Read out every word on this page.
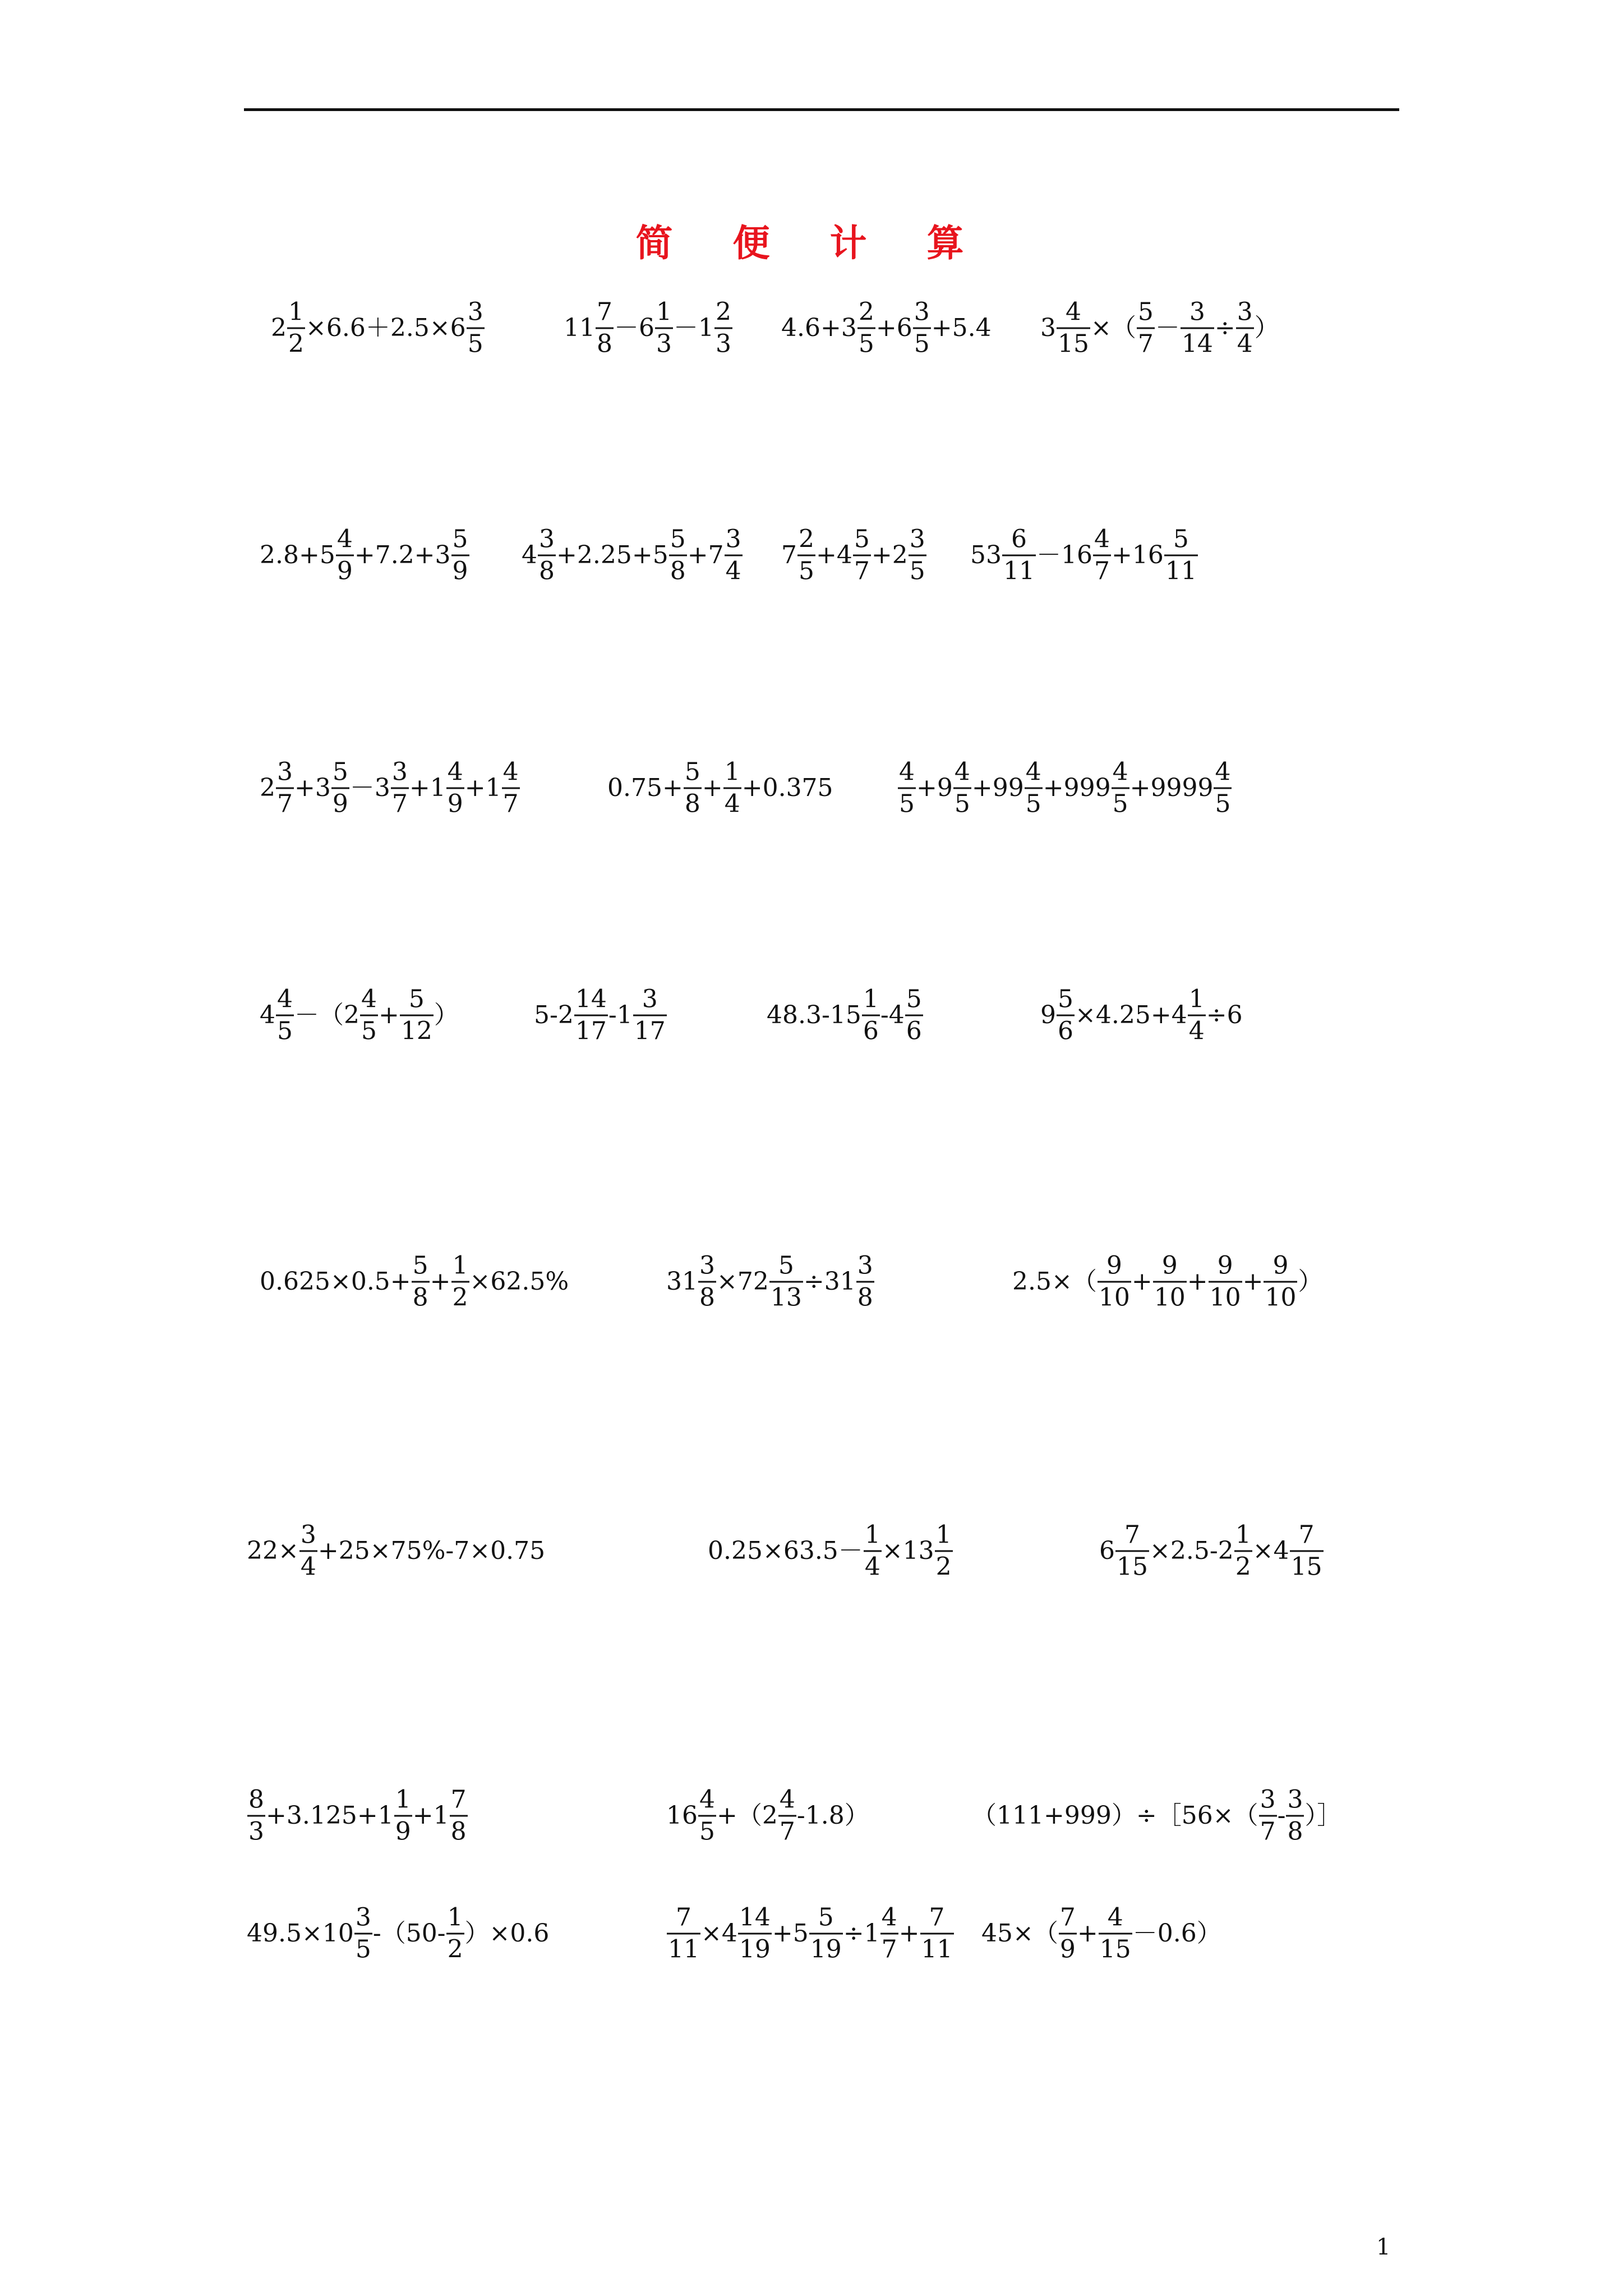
简 便 计 算
$2 \frac{1}{2} \times 6.6+2.5\times 6 \frac{3}{5}$	$11 \frac{7}{8} -6 \frac{1}{3} -1 \frac{2}{3} 4.6+3 \frac{2}{5} +6 \frac{3}{5} +5.4$ $3 \frac{4}{15}$ ×（ $\frac{5}{7} - \frac{3}{14} \div \frac{3}{4}$ ）
$2.8+5 \frac{4}{9} +7.2+3 \frac{5}{9} 4 \frac{3}{8} +2.25+5 \frac{5}{8} +7 \frac{3}{4} 7 \frac{2}{5} +4 \frac{5}{7} +2 \frac{3}{5} 53 \frac{6}{11} -16 \frac{4}{7} +16 \frac{5}{11}$
$2 \frac{3}{7} +3 \frac{5}{9} -3 \frac{3}{7} +1 \frac{4}{9} +1 \frac{4}{7}$	$0.75+ \frac{5}{8} + \frac{1}{4} +0.375$	$\frac{4}{5} +9 \frac{4}{5} +99 \frac{4}{5} +999 \frac{4}{5} +9999 \frac{4}{5}$
$4 \frac{4}{5} -(2 \frac{4}{5} + \frac{5}{12}$ ）	$5-2 \frac{14}{17} -1 \frac{3}{17}$	$48.3-15 \frac{1}{6} -4 \frac{5}{6}$	$9 \frac{5}{6} \times 4.25+4 \frac{1}{4} \div 6$
$0.625\times 0.5+ \frac{5}{8} + \frac{1}{2} \times 62.5\%$	$31 \frac{3}{8} \times 72 \frac{5}{13} \div 31 \frac{3}{8}$	$2.5\times( \frac{9}{10} + \frac{9}{10} + \frac{9}{10} + \frac{9}{10}$ ）
$22\times \frac{3}{4} +25\times 75\%-7\times 0.75$	$0.25\times 63.5- \frac{1}{4} \times 13 \frac{1}{2}$	$6 \frac{7}{15} \times 2.5-2 \frac{1}{2} \times 4 \frac{7}{15}$
$\frac{8}{3} +3.125+1 \frac{1}{9} +1 \frac{7}{8}$	$16 \frac{4}{5} +(2 \frac{4}{7} -1.8)$	（111+999）÷［56×（ $\frac{3}{7} - \frac{3}{8}$ ）］
$49.5\times 10 \frac{3}{5} -(50- \frac{1}{2} )\times 0.6$	$\frac{7}{11} \times 4 \frac{14}{19} +5 \frac{5}{19} \div 1 \frac{4}{7} + \frac{7}{11} 45\times( \frac{7}{9} + \frac{4}{15} -0.6)$
1
